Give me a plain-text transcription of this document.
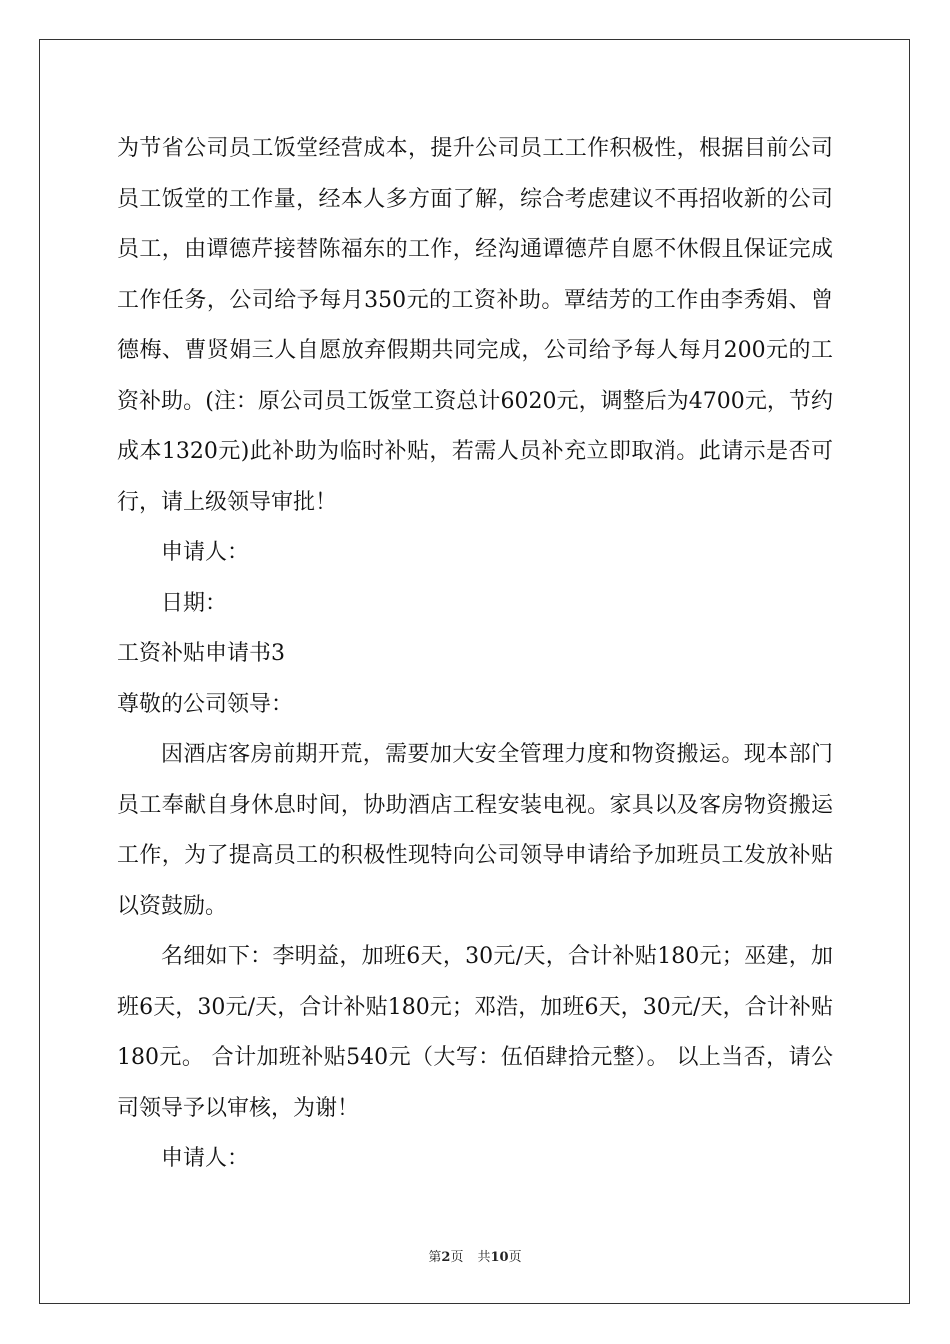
为节省公司员工饭堂经营成本，提升公司员工工作积极性，根据目前公司员工饭堂的工作量，经本人多方面了解，综合考虑建议不再招收新的公司员工，由谭德芹接替陈福东的工作，经沟通谭德芹自愿不休假且保证完成工作任务，公司给予每月350元的工资补助。覃结芳的工作由李秀娟、曾德梅、曹贤娟三人自愿放弃假期共同完成，公司给予每人每月200元的工资补助。(注：原公司员工饭堂工资总计6020元，调整后为4700元，节约成本1320元)此补助为临时补贴，若需人员补充立即取消。此请示是否可行，请上级领导审批！

申请人：

日期：

工资补贴申请书3

尊敬的公司领导：

因酒店客房前期开荒，需要加大安全管理力度和物资搬运。现本部门员工奉献自身休息时间，协助酒店工程安装电视。家具以及客房物资搬运工作，为了提高员工的积极性现特向公司领导申请给予加班员工发放补贴以资鼓励。

名细如下：李明益，加班6天，30元/天，合计补贴180元；巫建，加班6天，30元/天，合计补贴180元；邓浩，加班6天，30元/天，合计补贴180元。 合计加班补贴540元（大写：伍佰肆拾元整）。 以上当否，请公司领导予以审核，为谢！

申请人：

第2页 共10页
